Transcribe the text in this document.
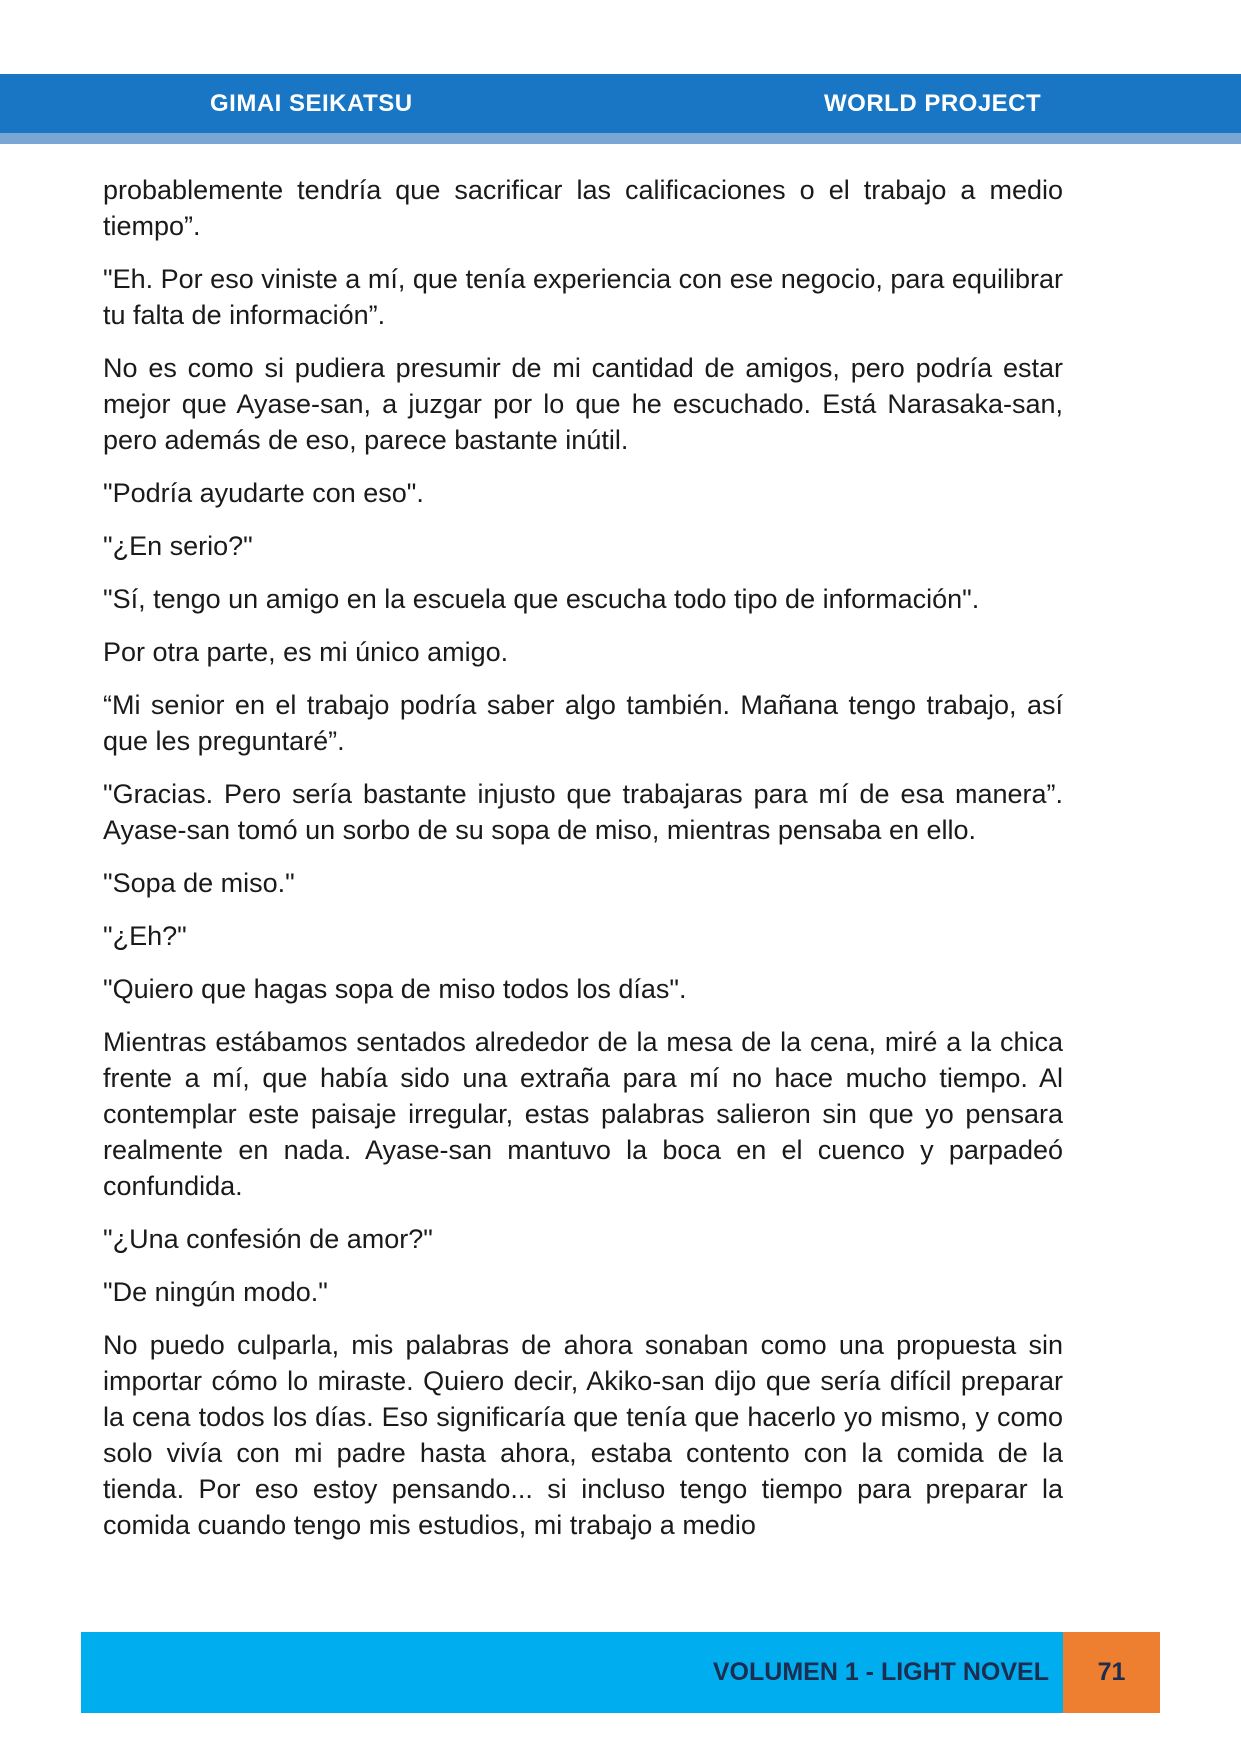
GIMAI SEIKATSU	WORLD PROJECT

probablemente tendría que sacrificar las calificaciones o el trabajo a medio tiempo”.

"Eh. Por eso viniste a mí, que tenía experiencia con ese negocio, para equilibrar tu falta de información”.

No es como si pudiera presumir de mi cantidad de amigos, pero podría estar mejor que Ayase-san, a juzgar por lo que he escuchado. Está Narasaka-san, pero además de eso, parece bastante inútil.

"Podría ayudarte con eso".

"¿En serio?"

"Sí, tengo un amigo en la escuela que escucha todo tipo de información".

Por otra parte, es mi único amigo.

“Mi senior en el trabajo podría saber algo también. Mañana tengo trabajo, así que les preguntaré”.

"Gracias. Pero sería bastante injusto que trabajaras para mí de esa manera”. Ayase-san tomó un sorbo de su sopa de miso, mientras pensaba en ello.

"Sopa de miso."

"¿Eh?"

"Quiero que hagas sopa de miso todos los días".

Mientras estábamos sentados alrededor de la mesa de la cena, miré a la chica frente a mí, que había sido una extraña para mí no hace mucho tiempo. Al contemplar este paisaje irregular, estas palabras salieron sin que yo pensara realmente en nada. Ayase-san mantuvo la boca en el cuenco y parpadeó confundida.

"¿Una confesión de amor?"

"De ningún modo."

No puedo culparla, mis palabras de ahora sonaban como una propuesta sin importar cómo lo miraste. Quiero decir, Akiko-san dijo que sería difícil preparar la cena todos los días. Eso significaría que tenía que hacerlo yo mismo, y como solo vivía con mi padre hasta ahora, estaba contento con la comida de la tienda. Por eso estoy pensando... si incluso tengo tiempo para preparar la comida cuando tengo mis estudios, mi trabajo a medio

VOLUMEN 1 - LIGHT NOVEL	71
